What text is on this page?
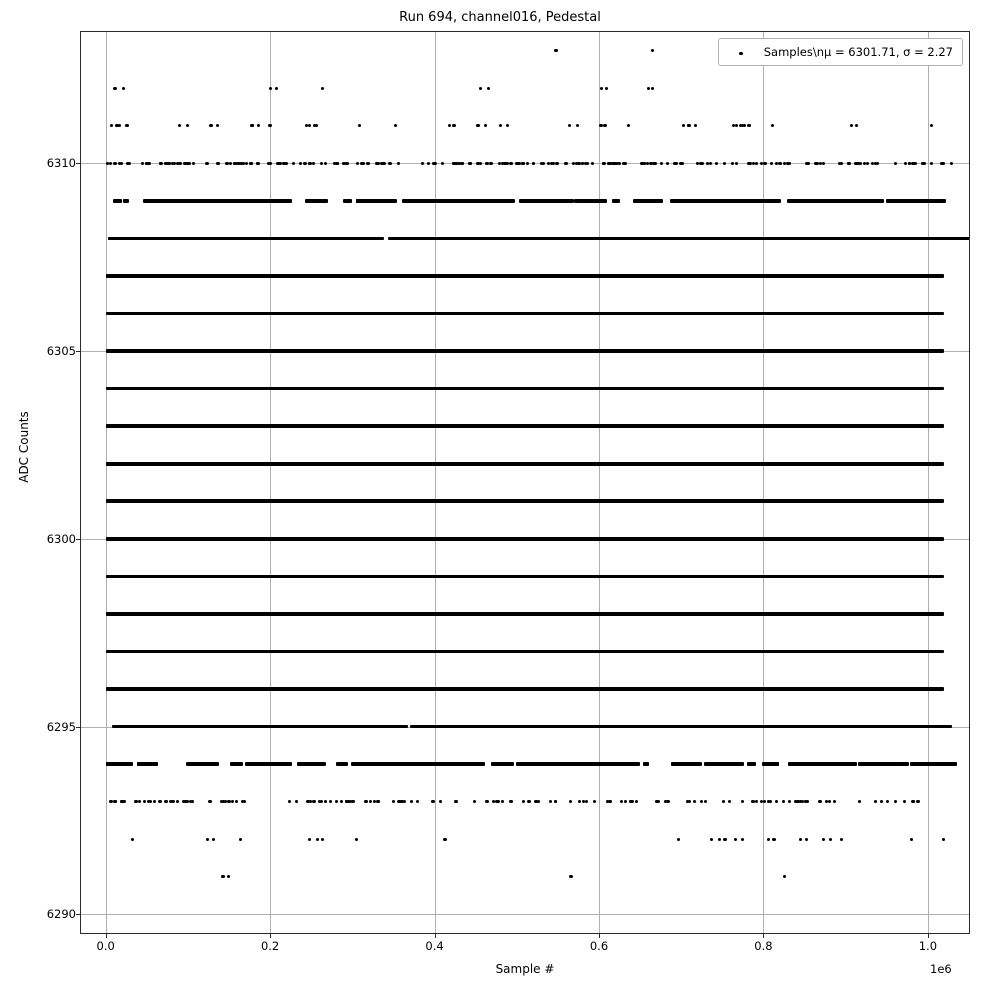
Run 694, channel016, Pedestal
6290
6295
6300
6305
6310
0.0	0.2	0.4	0.6	0.8	1.0
ADC Counts
Sample #	1e6
Samples\nμ = 6301.71, σ = 2.27
